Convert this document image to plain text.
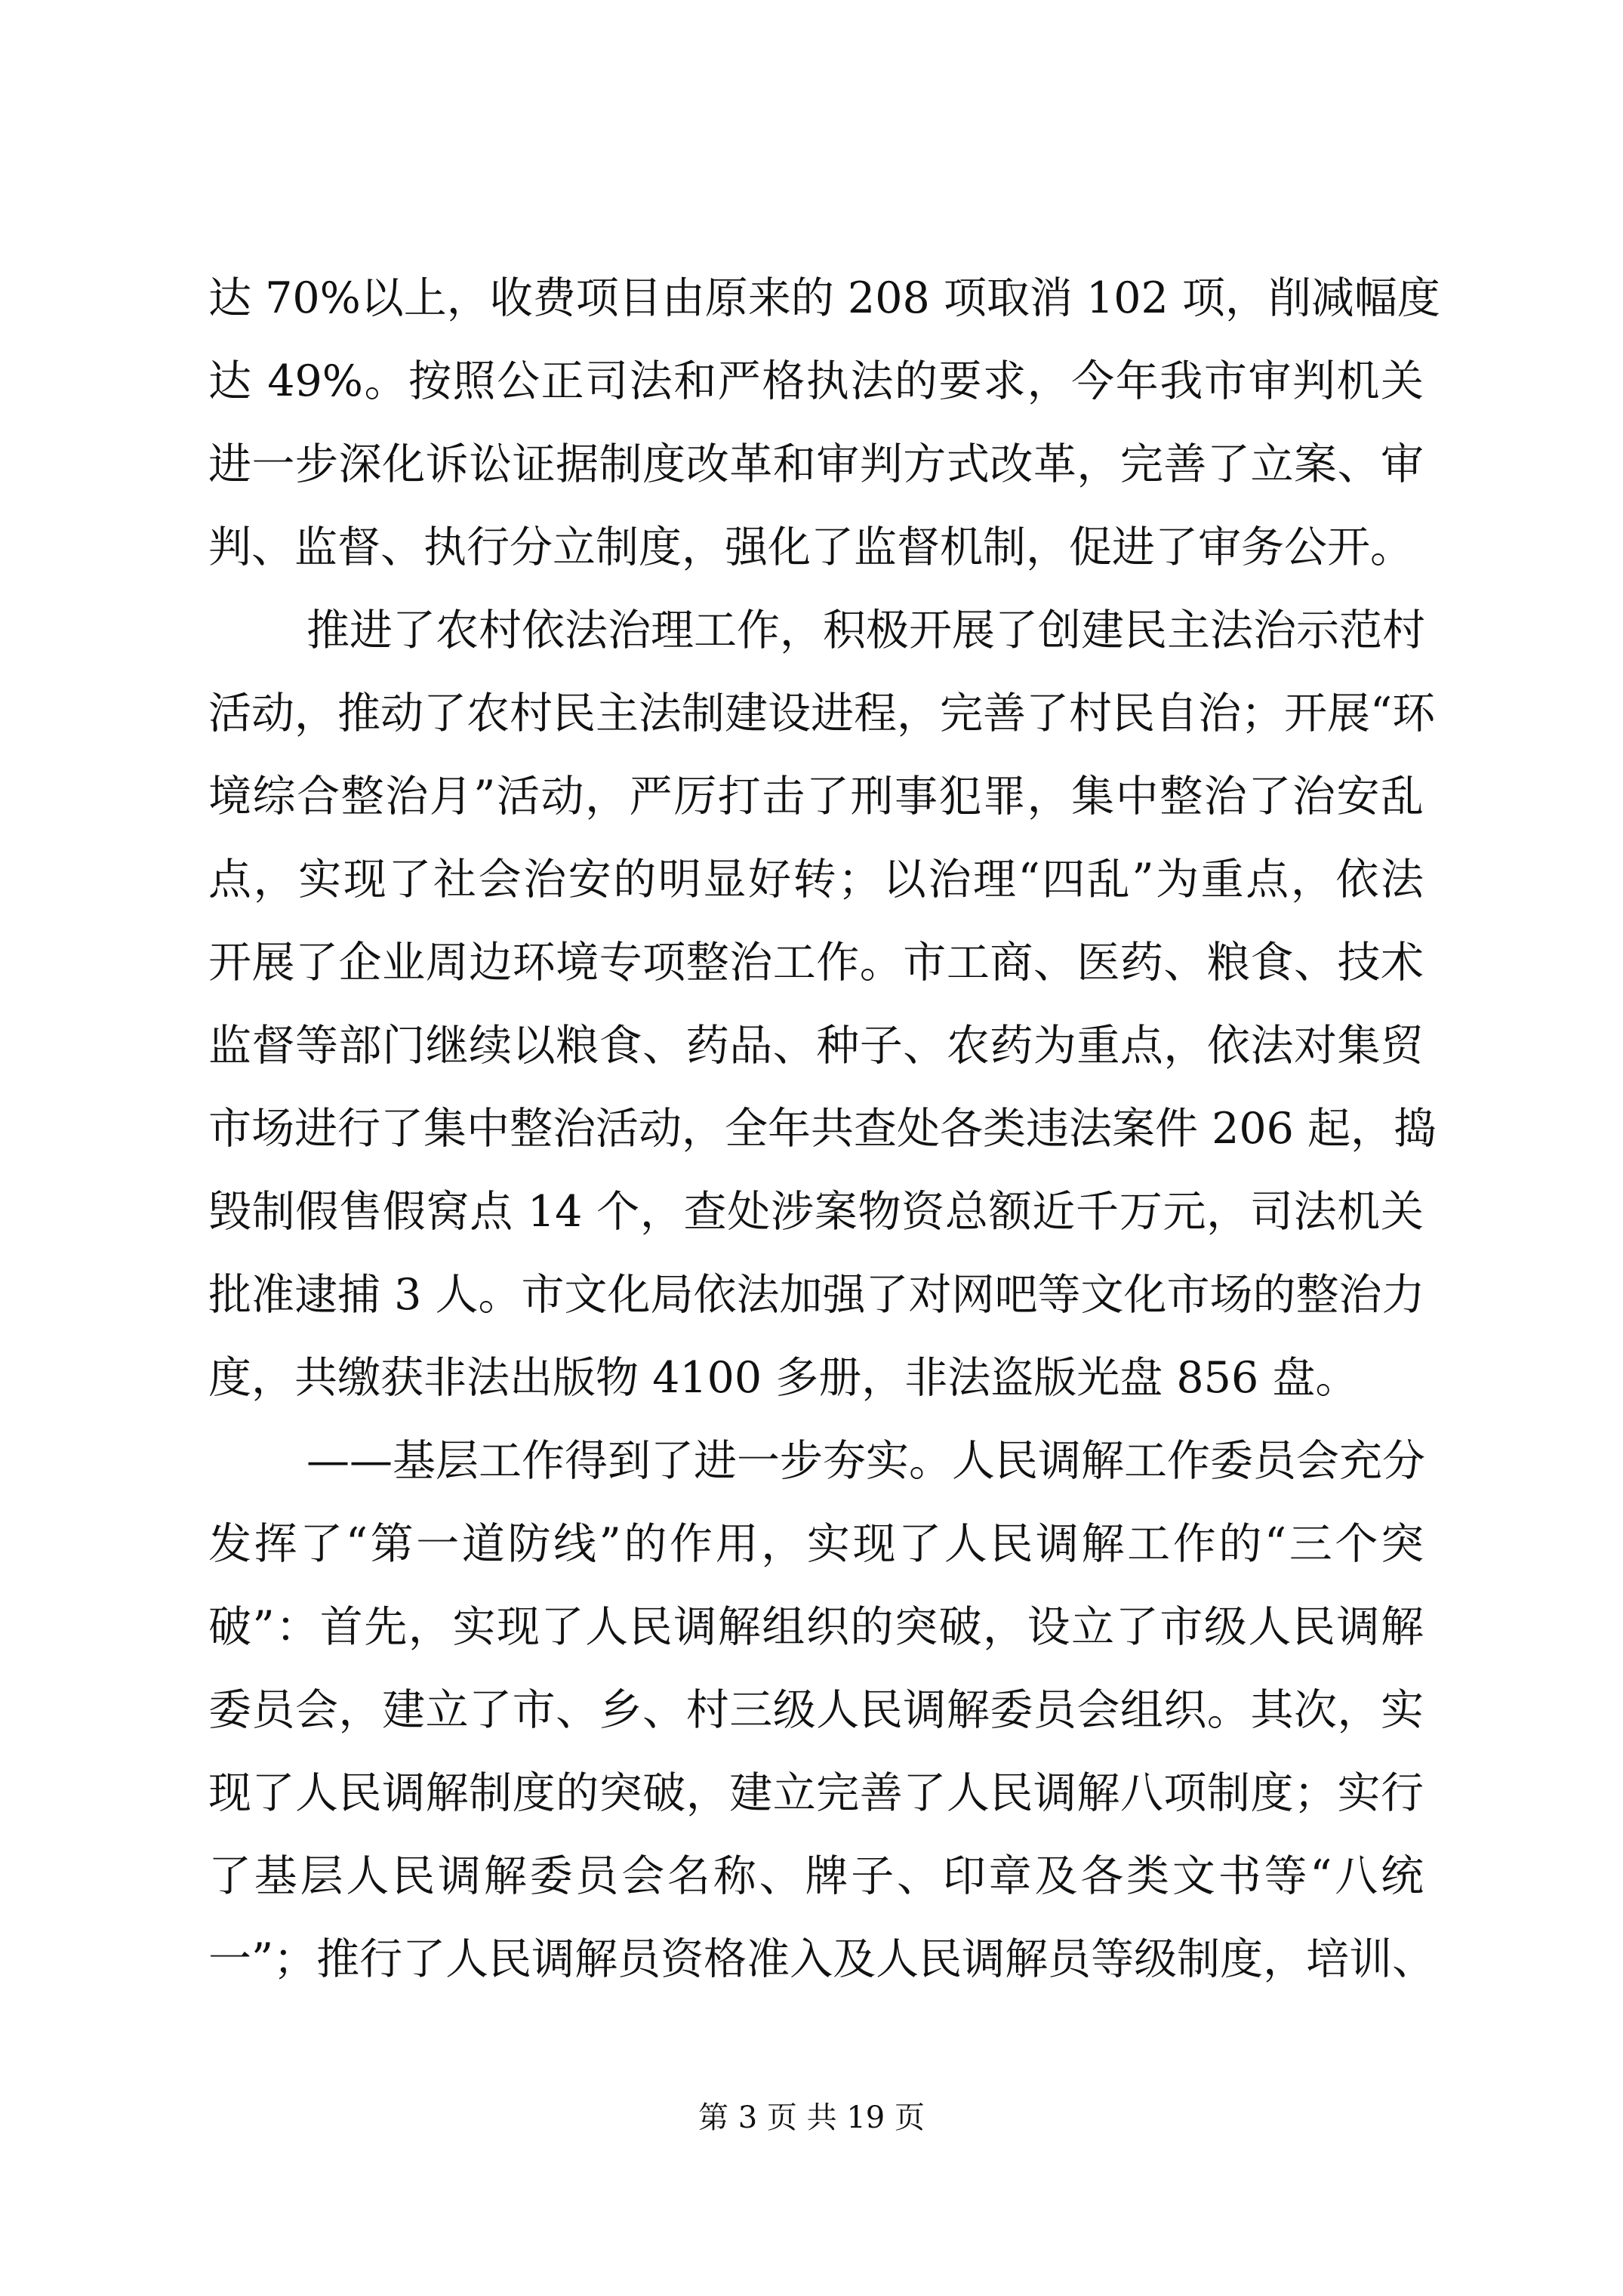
达 70%以上，收费项目由原来的 208 项取消 102 项，削减幅度
达 49%。按照公正司法和严格执法的要求，今年我市审判机关
进一步深化诉讼证据制度改革和审判方式改革，完善了立案、审
判、监督、执行分立制度，强化了监督机制，促进了审务公开。
推进了农村依法治理工作，积极开展了创建民主法治示范村
活动，推动了农村民主法制建设进程，完善了村民自治；开展“环
境综合整治月”活动，严厉打击了刑事犯罪，集中整治了治安乱
点，实现了社会治安的明显好转；以治理“四乱”为重点，依法
开展了企业周边环境专项整治工作。市工商、医药、粮食、技术
监督等部门继续以粮食、药品、种子、农药为重点，依法对集贸
市场进行了集中整治活动，全年共查处各类违法案件 206 起，捣
毁制假售假窝点 14 个，查处涉案物资总额近千万元，司法机关
批准逮捕 3 人。市文化局依法加强了对网吧等文化市场的整治力
度，共缴获非法出版物 4100 多册，非法盗版光盘 856 盘。
——基层工作得到了进一步夯实。人民调解工作委员会充分
发挥了“第一道防线”的作用，实现了人民调解工作的“三个突
破”：首先，实现了人民调解组织的突破，设立了市级人民调解
委员会，建立了市、乡、村三级人民调解委员会组织。其次，实
现了人民调解制度的突破，建立完善了人民调解八项制度；实行
了基层人民调解委员会名称、牌子、印章及各类文书等“八统
一”；推行了人民调解员资格准入及人民调解员等级制度，培训、
第 3 页 共 19 页
